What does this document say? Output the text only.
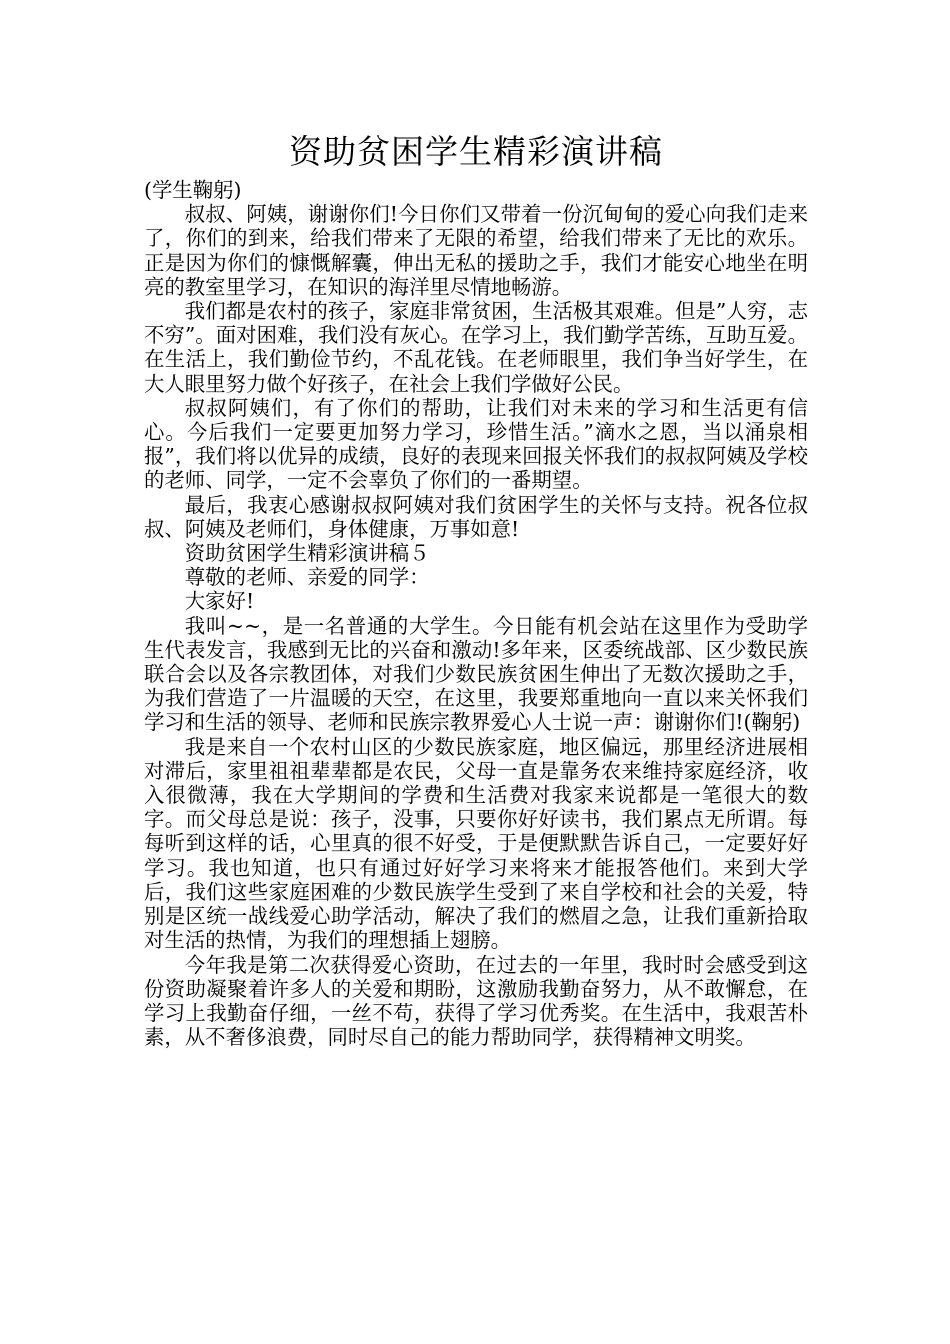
资助贫困学生精彩演讲稿

(学生鞠躬)

叔叔、阿姨，谢谢你们!今日你们又带着一份沉甸甸的爱心向我们走来了，你们的到来，给我们带来了无限的希望，给我们带来了无比的欢乐。正是因为你们的慷慨解囊，伸出无私的援助之手，我们才能安心地坐在明亮的教室里学习，在知识的海洋里尽情地畅游。

我们都是农村的孩子，家庭非常贫困，生活极其艰难。但是”人穷，志不穷”。面对困难，我们没有灰心。在学习上，我们勤学苦练，互助互爱。在生活上，我们勤俭节约，不乱花钱。在老师眼里，我们争当好学生，在大人眼里努力做个好孩子，在社会上我们学做好公民。

叔叔阿姨们，有了你们的帮助，让我们对未来的学习和生活更有信心。今后我们一定要更加努力学习，珍惜生活。”滴水之恩，当以涌泉相报”，我们将以优异的成绩，良好的表现来回报关怀我们的叔叔阿姨及学校的老师、同学，一定不会辜负了你们的一番期望。

最后，我衷心感谢叔叔阿姨对我们贫困学生的关怀与支持。祝各位叔叔、阿姨及老师们，身体健康，万事如意!

资助贫困学生精彩演讲稿５

尊敬的老师、亲爱的同学：

大家好!

我叫~~，是一名普通的大学生。今日能有机会站在这里作为受助学生代表发言，我感到无比的兴奋和激动!多年来，区委统战部、区少数民族联合会以及各宗教团体，对我们少数民族贫困生伸出了无数次援助之手，为我们营造了一片温暖的天空，在这里，我要郑重地向一直以来关怀我们学习和生活的领导、老师和民族宗教界爱心人士说一声：谢谢你们!(鞠躬)

我是来自一个农村山区的少数民族家庭，地区偏远，那里经济进展相对滞后，家里祖祖辈辈都是农民，父母一直是靠务农来维持家庭经济，收入很微薄，我在大学期间的学费和生活费对我家来说都是一笔很大的数字。而父母总是说：孩子，没事，只要你好好读书，我们累点无所谓。每每听到这样的话，心里真的很不好受，于是便默默告诉自己，一定要好好学习。我也知道，也只有通过好好学习来将来才能报答他们。来到大学后，我们这些家庭困难的少数民族学生受到了来自学校和社会的关爱，特别是区统一战线爱心助学活动，解决了我们的燃眉之急，让我们重新拾取对生活的热情，为我们的理想插上翅膀。

今年我是第二次获得爱心资助，在过去的一年里，我时时会感受到这份资助凝聚着许多人的关爱和期盼，这激励我勤奋努力，从不敢懈怠，在学习上我勤奋仔细，一丝不苟，获得了学习优秀奖。在生活中，我艰苦朴素，从不奢侈浪费，同时尽自己的能力帮助同学，获得精神文明奖。
